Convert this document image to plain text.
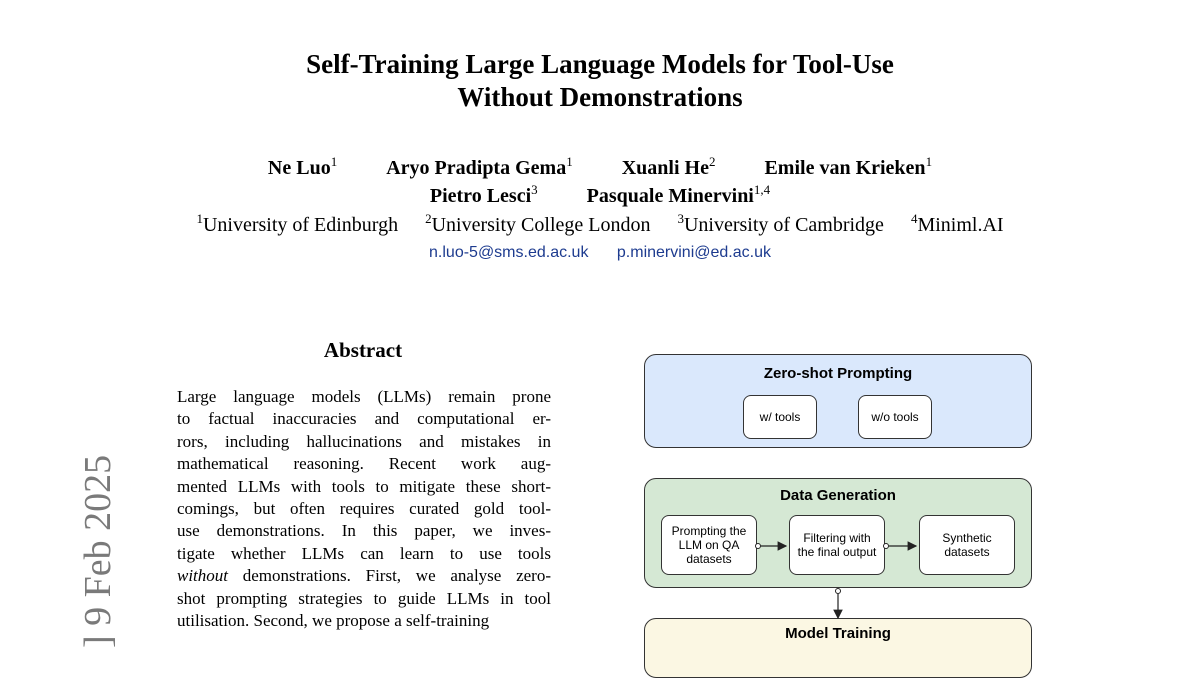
Self-Training Large Language Models for Tool-Use
Without Demonstrations
Ne Luo$^1$ Aryo Pradipta Gema$^1$ Xuanli He$^2$ Emile van Krieken$^1$
Pietro Lesci$^3$ Pasquale Minervini$^{1,4}$
$^1$University of Edinburgh $^2$University College London $^3$University of Cambridge $^4$Miniml.AI
n.luo-5@sms.ed.ac.uk p.minervini@ed.ac.uk
] 9 Feb 2025
Abstract
Large language models (LLMs) remain prone
to factual inaccuracies and computational er-
rors, including hallucinations and mistakes in
mathematical reasoning. Recent work aug-
mented LLMs with tools to mitigate these short-
comings, but often requires curated gold tool-
use demonstrations. In this paper, we inves-
tigate whether LLMs can learn to use tools
without demonstrations. First, we analyse zero-
shot prompting strategies to guide LLMs in tool
utilisation. Second, we propose a self-training
Zero-shot Prompting
w/ tools	w/o tools
Data Generation
Prompting the LLM on QA datasets
Filtering with the final output
Synthetic datasets
Model Training
